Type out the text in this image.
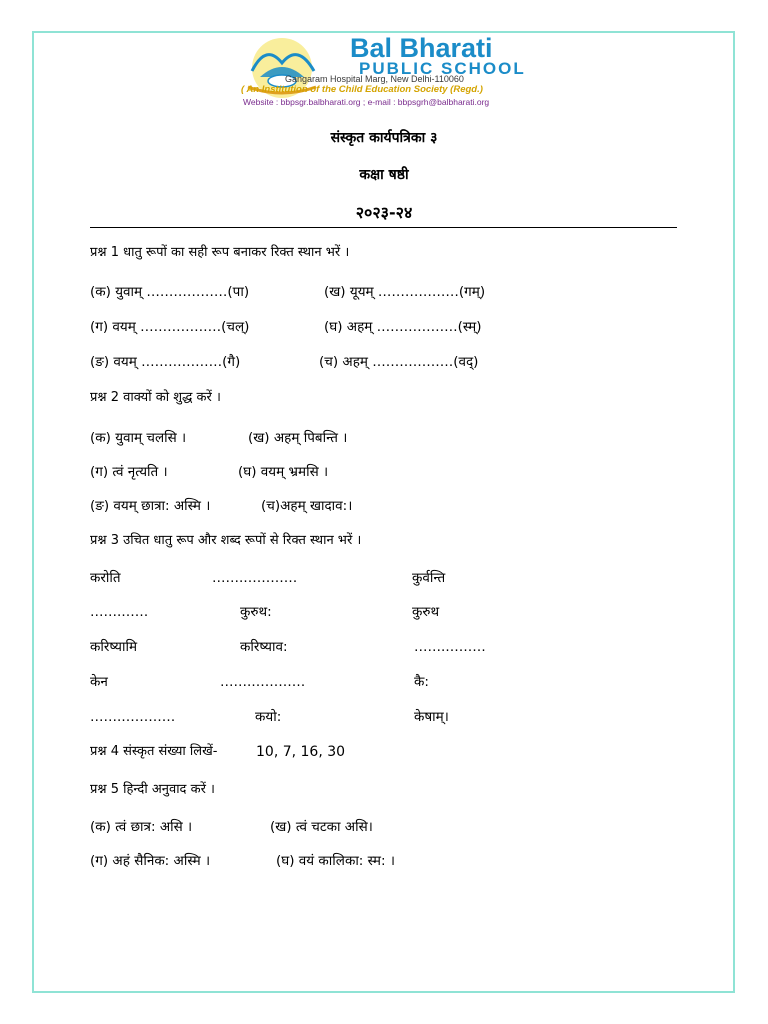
Bal Bharati
PUBLIC SCHOOL
Gangaram Hospital Marg, New Delhi-110060
( An Institution of the Child Education Society (Regd.)
Website : bbpsgr.balbharati.org ; e-mail : bbpsgrh@balbharati.org
संस्कृत कार्यपत्रिका ३
कक्षा षष्ठी
२०२३-२४
प्रश्न 1 धातु रूपों का सही रूप बनाकर रिक्त स्थान भरें ।
(क) युवाम् ………………(पा)	(ख) यूयम् ………………(गम्)
(ग) वयम् ………………(चल्)	(घ) अहम् ………………(स्म्)
(ङ) वयम् ………………(गै)	(च) अहम् ………………(वद्)
प्रश्न 2 वाक्यों को शुद्ध करें ।
(क) युवाम् चलसि ।	(ख) अहम् पिबन्ति ।
(ग) त्वं नृत्यति ।	(घ) वयम् भ्रमसि ।
(ङ) वयम् छात्रा: अस्मि ।	(च)अहम् खादाव:।
प्रश्न 3 उचित धातु रूप और शब्द रूपों से रिक्त स्थान भरें ।
करोति	…….…………	कुर्वन्ति
…….……	कुरुथ:	कुरुथ
करिष्यामि	करिष्याव:	…….………
केन	…….…………	कै:
…….…………	कयो:	केषाम्।
प्रश्न 4 संस्कृत संख्या लिखें-	10, 7, 16, 30
प्रश्न 5 हिन्दी अनुवाद करें ।
(क) त्वं छात्र: असि ।	(ख) त्वं चटका असि।
(ग) अहं सैनिक: अस्मि ।	(घ) वयं कालिका: स्म: ।
